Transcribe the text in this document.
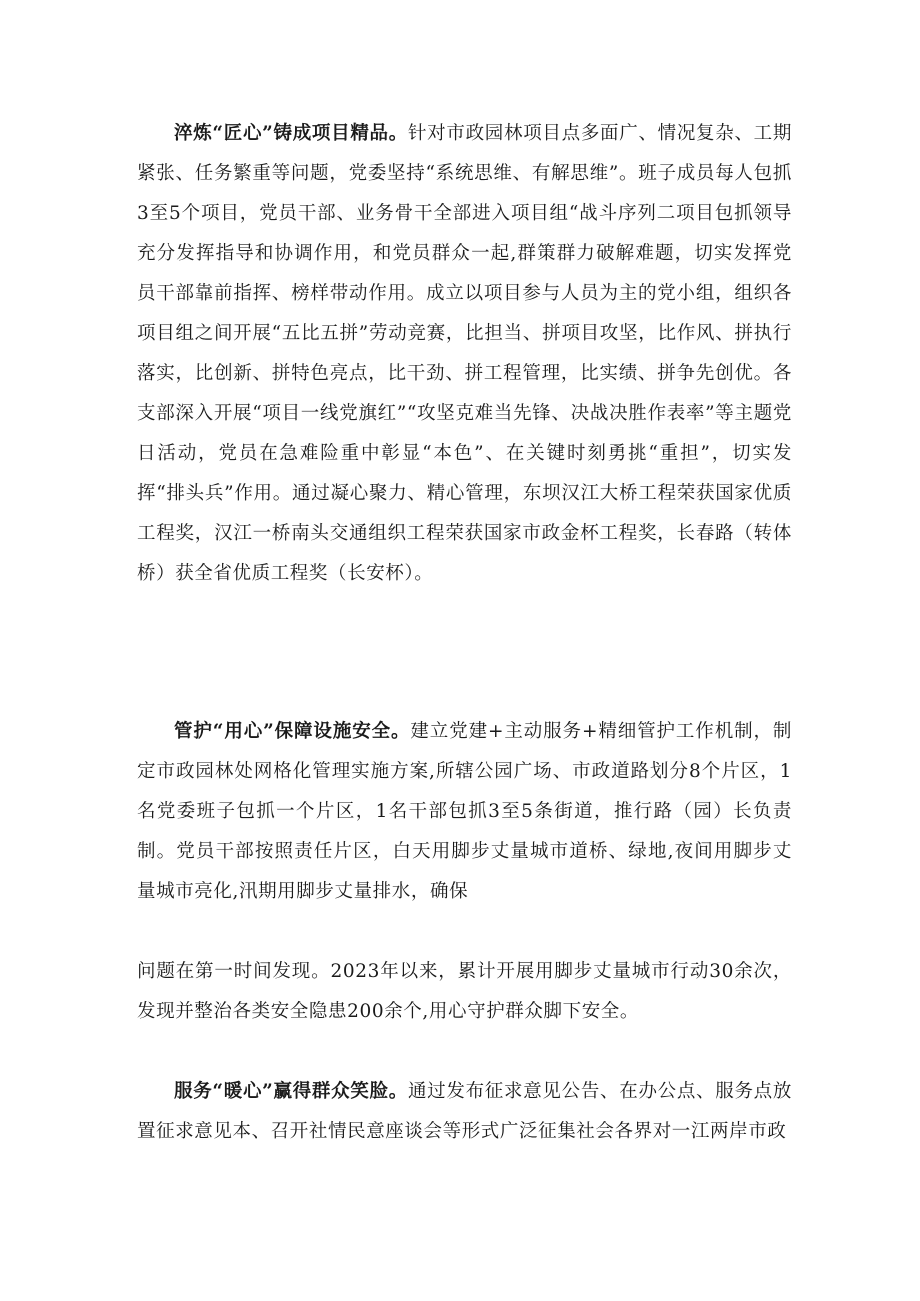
淬炼“匠心”铸成项目精品。针对市政园林项目点多面广、情况复杂、工期紧张、任务繁重等问题，党委坚持“系统思维、有解思维”。班子成员每人包抓3至5个项目，党员干部、业务骨干全部进入项目组“战斗序列二项目包抓领导充分发挥指导和协调作用，和党员群众一起,群策群力破解难题，切实发挥党员干部靠前指挥、榜样带动作用。成立以项目参与人员为主的党小组，组织各项目组之间开展“五比五拼”劳动竞赛，比担当、拼项目攻坚，比作风、拼执行落实，比创新、拼特色亮点，比干劲、拼工程管理，比实绩、拼争先创优。各支部深入开展“项目一线党旗红”“攻坚克难当先锋、决战决胜作表率”等主题党日活动，党员在急难险重中彰显“本色”、在关键时刻勇挑“重担”，切实发挥“排头兵”作用。通过凝心聚力、精心管理，东坝汉江大桥工程荣获国家优质工程奖，汉江一桥南头交通组织工程荣获国家市政金杯工程奖，长春路（转体桥）获全省优质工程奖（长安杯）。

管护“用心”保障设施安全。建立党建+主动服务+精细管护工作机制，制定市政园林处网格化管理实施方案,所辖公园广场、市政道路划分8个片区，1名党委班子包抓一个片区，1名干部包抓3至5条街道，推行路（园）长负责制。党员干部按照责任片区，白天用脚步丈量城市道桥、绿地,夜间用脚步丈量城市亮化,汛期用脚步丈量排水，确保

问题在第一时间发现。2023年以来，累计开展用脚步丈量城市行动30余次，发现并整治各类安全隐患200余个,用心守护群众脚下安全。

服务“暖心”赢得群众笑脸。通过发布征求意见公告、在办公点、服务点放置征求意见本、召开社情民意座谈会等形式广泛征集社会各界对一江两岸市政
